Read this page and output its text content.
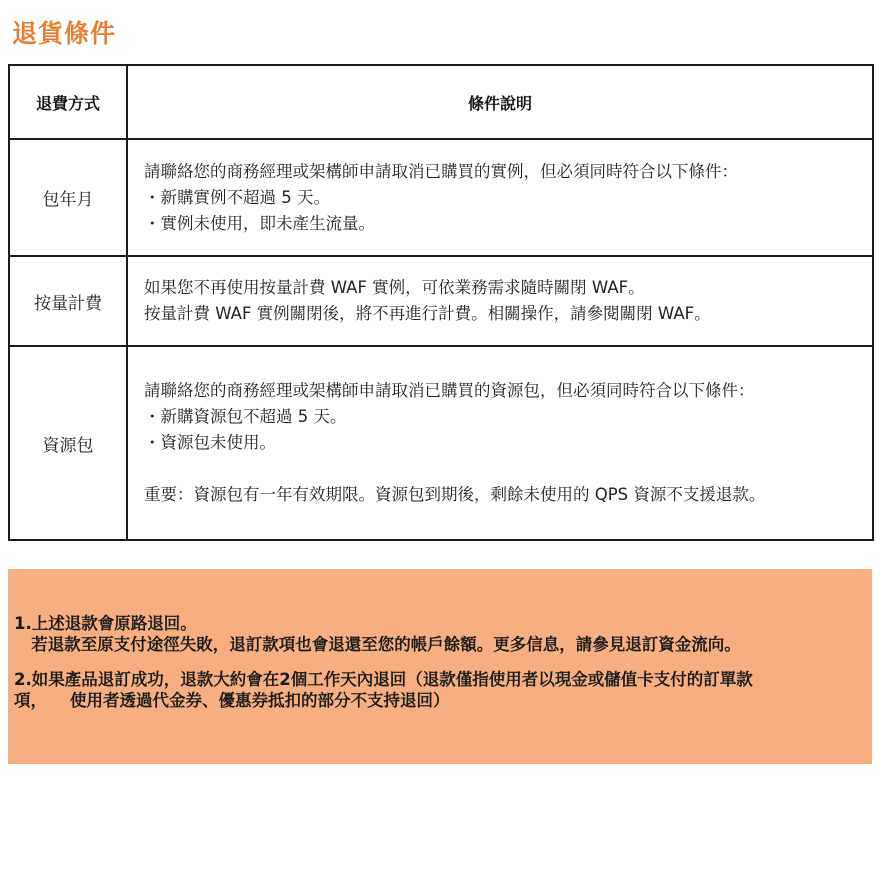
退貨條件
退費方式	條件說明
包年月	請聯絡您的商務經理或架構師申請取消已購買的實例，但必須同時符合以下條件：
・新購實例不超過 5 天。
・實例未使用，即未產生流量。

按量計費	如果您不再使用按量計費 WAF 實例，可依業務需求隨時關閉 WAF。
按量計費 WAF 實例關閉後，將不再進行計費。相關操作，請參閱關閉 WAF。

資源包	請聯絡您的商務經理或架構師申請取消已購買的資源包，但必須同時符合以下條件：
・新購資源包不超過 5 天。
・資源包未使用。
重要：資源包有一年有效期限。資源包到期後，剩餘未使用的 QPS 資源不支援退款。
1.上述退款會原路退回。
若退款至原支付途徑失敗，退訂款項也會退還至您的帳戶餘額。更多信息，請參見退訂資金流向。
2.如果產品退訂成功，退款大約會在2個工作天內退回（退款僅指使用者以現金或儲值卡支付的訂單款
項，    使用者透過代金券、優惠券抵扣的部分不支持退回）
